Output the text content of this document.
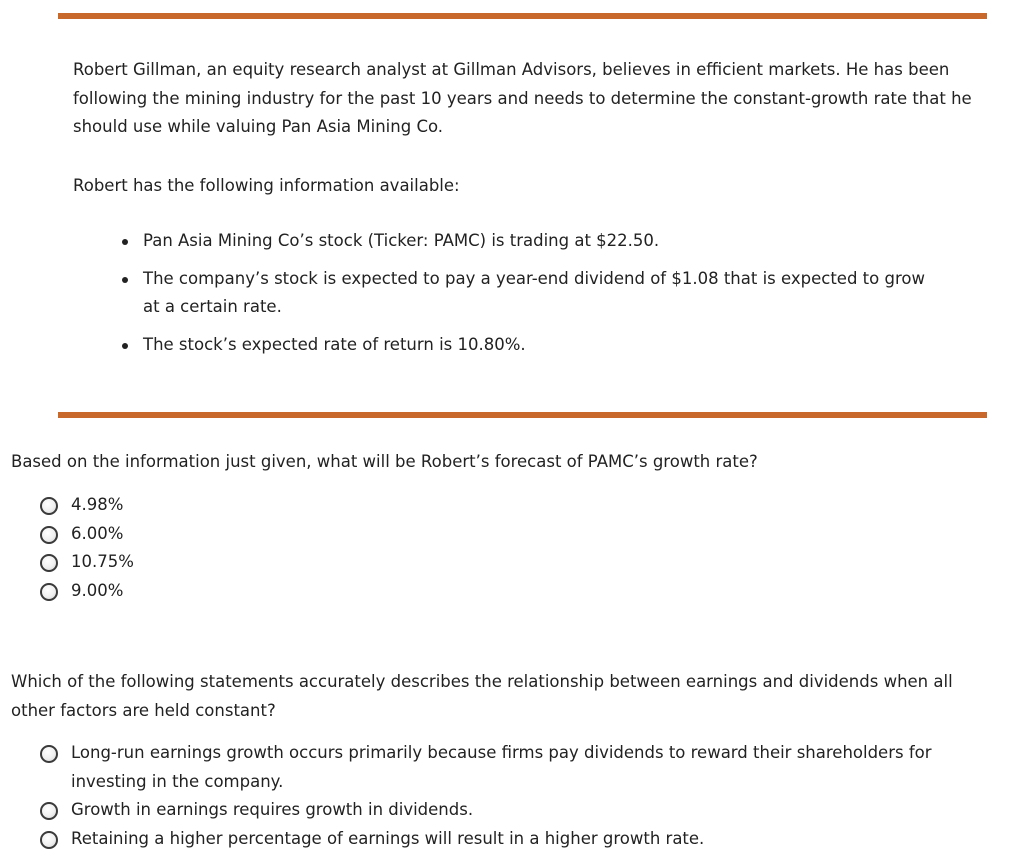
Robert Gillman, an equity research analyst at Gillman Advisors, believes in efficient markets. He has been following the mining industry for the past 10 years and needs to determine the constant-growth rate that he should use while valuing Pan Asia Mining Co.

Robert has the following information available:

Pan Asia Mining Co’s stock (Ticker: PAMC) is trading at $22.50.
The company’s stock is expected to pay a year-end dividend of $1.08 that is expected to grow at a certain rate.
The stock’s expected rate of return is 10.80%.
Based on the information just given, what will be Robert’s forecast of PAMC’s growth rate?
4.98%
6.00%
10.75%
9.00%
Which of the following statements accurately describes the relationship between earnings and dividends when all other factors are held constant?
Long-run earnings growth occurs primarily because firms pay dividends to reward their shareholders for investing in the company.
Growth in earnings requires growth in dividends.
Retaining a higher percentage of earnings will result in a higher growth rate.
